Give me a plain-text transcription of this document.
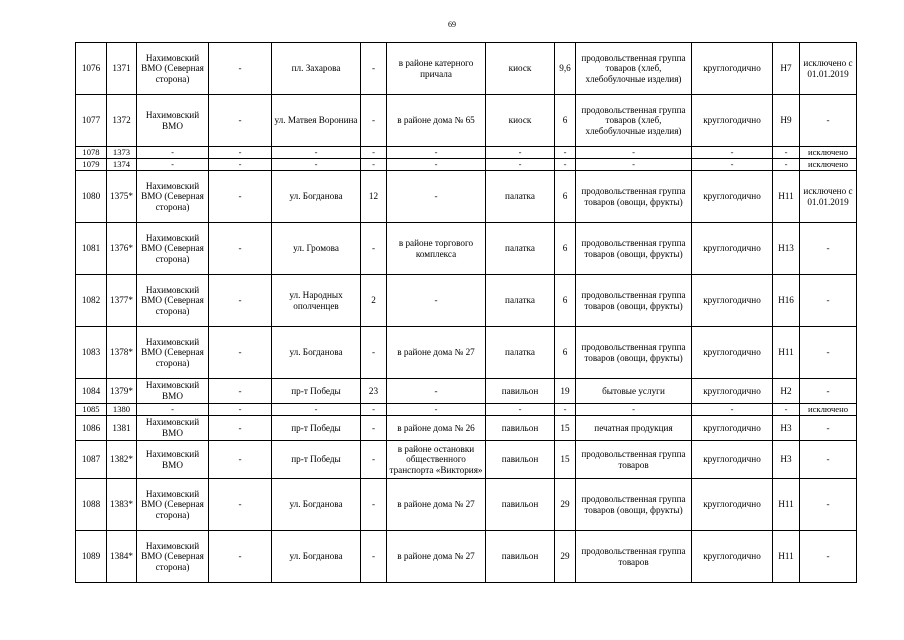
69
1076	1371	Нахимовский ВМО (Северная сторона)	-	пл. Захарова	-	в районе катерного причала	киоск	9,6	продовольственная группа товаров (хлеб, хлебобулочные изделия)	круглогодично	Н7	исключено с 01.01.2019
1077	1372	Нахимовский ВМО	-	ул. Матвея Воронина	-	в районе дома № 65	киоск	6	продовольственная группа товаров (хлеб, хлебобулочные изделия)	круглогодично	Н9	-
1078	1373	-	-	-	-	-	-	-	-	-	-	исключено
1079	1374	-	-	-	-	-	-	-	-	-	-	исключено
1080	1375*	Нахимовский ВМО (Северная сторона)	-	ул. Богданова	12	-	палатка	6	продовольственная группа товаров (овощи, фрукты)	круглогодично	Н11	исключено с 01.01.2019
1081	1376*	Нахимовский ВМО (Северная сторона)	-	ул. Громова	-	в районе торгового комплекса	палатка	6	продовольственная группа товаров (овощи, фрукты)	круглогодично	Н13	-
1082	1377*	Нахимовский ВМО (Северная сторона)	-	ул. Народных ополченцев	2	-	палатка	6	продовольственная группа товаров (овощи, фрукты)	круглогодично	Н16	-
1083	1378*	Нахимовский ВМО (Северная сторона)	-	ул. Богданова	-	в районе дома № 27	палатка	6	продовольственная группа товаров (овощи, фрукты)	круглогодично	Н11	-
1084	1379*	Нахимовский ВМО	-	пр-т Победы	23	-	павильон	19	бытовые услуги	круглогодично	Н2	-
1085	1380	-	-	-	-	-	-	-	-	-	-	исключено
1086	1381	Нахимовский ВМО	-	пр-т Победы	-	в районе дома № 26	павильон	15	печатная продукция	круглогодично	Н3	-
1087	1382*	Нахимовский ВМО	-	пр-т Победы	-	в районе остановки общественного транспорта «Виктория»	павильон	15	продовольственная группа товаров	круглогодично	Н3	-
1088	1383*	Нахимовский ВМО (Северная сторона)	-	ул. Богданова	-	в районе дома № 27	павильон	29	продовольственная группа товаров (овощи, фрукты)	круглогодично	Н11	-
1089	1384*	Нахимовский ВМО (Северная сторона)	-	ул. Богданова	-	в районе дома № 27	павильон	29	продовольственная группа товаров	круглогодично	Н11	-
